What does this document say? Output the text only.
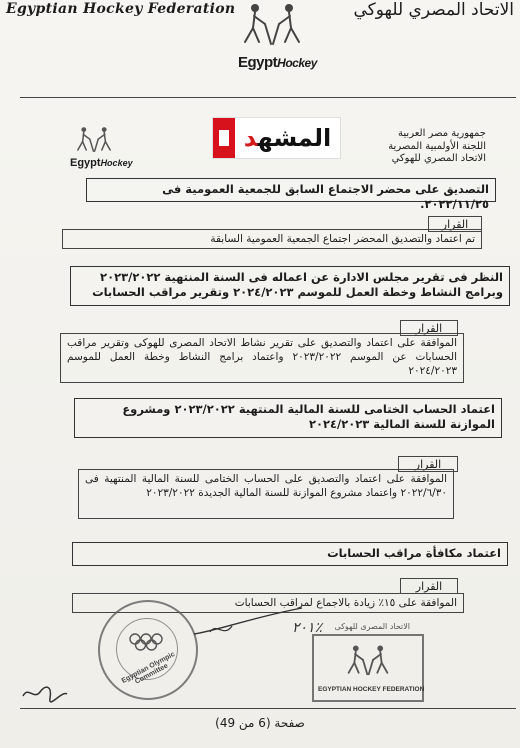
Egyptian Hockey Federation	الاتحاد المصري للهوكي
EgyptHockey
EgyptHockey
المشهد	جمهورية مصر العربية
اللجنة الأولمبية المصرية
الاتحاد المصري للهوكي
التصديق على محضر الاجتماع السابق للجمعية العمومية فى ٢٠٢٢/١١/٢٥.
القرار
تم اعتماد والتصديق المحضر اجتماع الجمعية العمومية السابقة
النظر فى تقرير مجلس الادارة عن اعماله فى السنة المنتهية ٢٠٢٣/٢٠٢٢ وبرامج النشاط وخطة العمل للموسم ٢٠٢٤/٢٠٢٣ وتقرير مراقب الحسابات
القرار
الموافقة على اعتماد والتصديق على تقرير نشاط الاتحاد المصرى للهوكى وتقرير مراقب الحسابات عن الموسم ٢٠٢٣/٢٠٢٢ واعتماد برامج النشاط وخطة العمل للموسم ٢٠٢٤/٢٠٢٣
اعتماد الحساب الختامى للسنة المالية المنتهية ٢٠٢٣/٢٠٢٢ ومشروع الموازنة للسنة المالية ٢٠٢٤/٢٠٢٣
القرار
الموافقة على اعتماد والتصديق على الحساب الختامى للسنة المالية المنتهية فى ٢٠٢٢/٦/٣٠ واعتماد مشروع الموازنة للسنة المالية الجديدة ٢٠٢٣/٢٠٢٢
اعتماد مكافأة مراقب الحسابات
القرار
الموافقة على ١٥٪ زيادة بالاجماع لمراقب الحسابات
Egyptian Olympic Committee
الاتحاد المصرى للهوكى
EGYPTIAN HOCKEY FEDERATION
٢٠١٪
صفحة (6 من 49)
